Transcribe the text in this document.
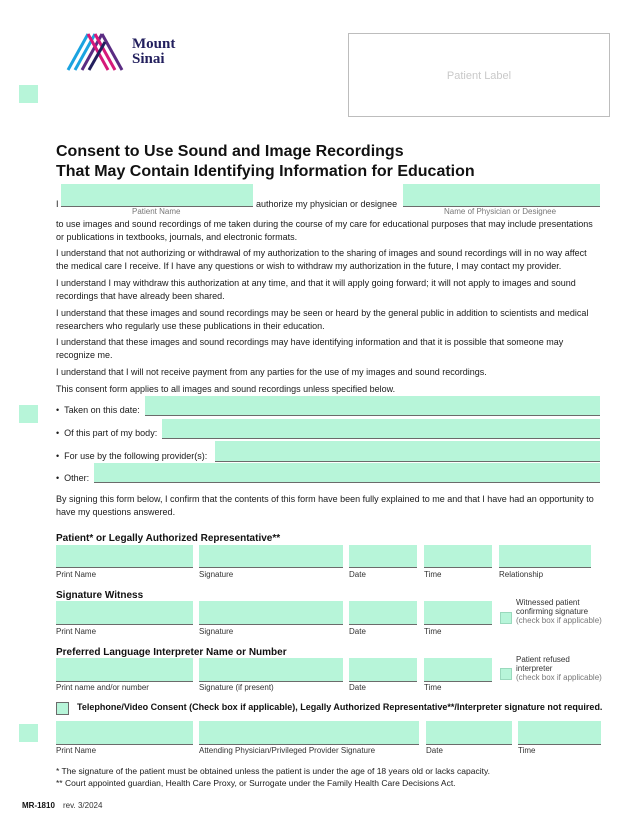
Mount
Sinai
Patient Label
Consent to Use Sound and Image Recordings
That May Contain Identifying Information for Education
I	authorize my physician or designee
Patient Name	Name of Physician or Designee
to use images and sound recordings of me taken during the course of my care for educational purposes that may include presentations or publications in textbooks, journals, and electronic formats.
I understand that not authorizing or withdrawal of my authorization to the sharing of images and sound recordings will in no way affect the medical care I receive. If I have any questions or wish to withdraw my authorization in the future, I may contact my provider.
I understand I may withdraw this authorization at any time, and that it will apply going forward; it will not apply to images and sound recordings that have already been shared.
I understand that these images and sound recordings may be seen or heard by the general public in addition to scientists and medical researchers who regularly use these publications in their education.
I understand that these images and sound recordings may have identifying information and that it is possible that someone may recognize me.
I understand that I will not receive payment from any parties for the use of my images and sound recordings.
This consent form applies to all images and sound recordings unless specified below.
•  Taken on this date:
•  Of this part of my body:
•  For use by the following provider(s):
•  Other:
By signing this form below, I confirm that the contents of this form have been fully explained to me and that I have had an opportunity to have my questions answered.
Patient* or Legally Authorized Representative**
Print Name	Signature	Date	Time	Relationship
Signature Witness
Print Name	Signature	Date	Time
Witnessed patient
confirming signature
(check box if applicable)
Preferred Language Interpreter Name or Number
Print name and/or number	Signature (if present)	Date	Time
Patient refused
interpreter
(check box if applicable)
Telephone/Video Consent (Check box if applicable), Legally Authorized Representative**/Interpreter signature not required.
Print Name	Attending Physician/Privileged Provider Signature	Date	Time
* The signature of the patient must be obtained unless the patient is under the age of 18 years old or lacks capacity.
** Court appointed guardian, Health Care Proxy, or Surrogate under the Family Health Care Decisions Act.
MR-1810 rev. 3/2024
